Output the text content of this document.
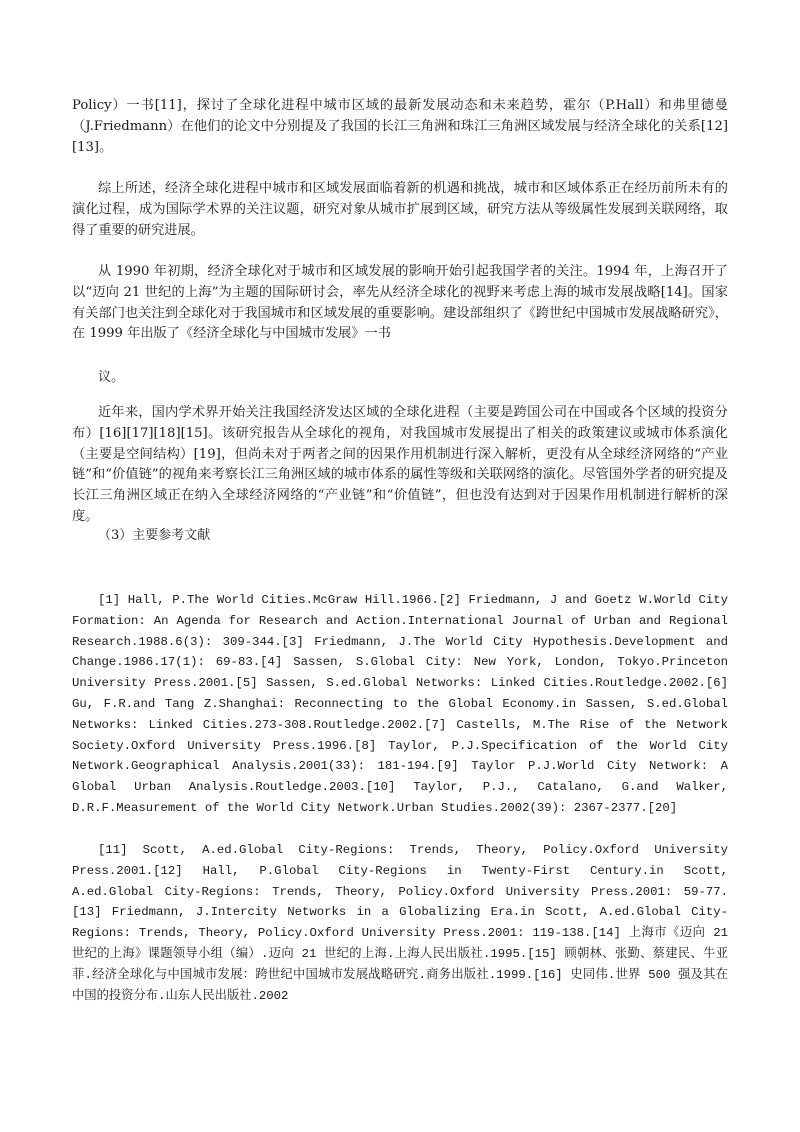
Policy）一书[11]，探讨了全球化进程中城市区域的最新发展动态和未来趋势，霍尔（P.Hall）和弗里德曼（J.Friedmann）在他们的论文中分别提及了我国的长江三角洲和珠江三角洲区域发展与经济全球化的关系[12][13]。

综上所述，经济全球化进程中城市和区域发展面临着新的机遇和挑战，城市和区域体系正在经历前所未有的演化过程，成为国际学术界的关注议题，研究对象从城市扩展到区域，研究方法从等级属性发展到关联网络，取得了重要的研究进展。

从 1990 年初期，经济全球化对于城市和区域发展的影响开始引起我国学者的关注。1994 年，上海召开了以“迈向 21 世纪的上海”为主题的国际研讨会，率先从经济全球化的视野来考虑上海的城市发展战略[14]。国家有关部门也关注到全球化对于我国城市和区域发展的重要影响。建设部组织了《跨世纪中国城市发展战略研究》，在 1999 年出版了《经济全球化与中国城市发展》一书

议。

近年来，国内学术界开始关注我国经济发达区域的全球化进程（主要是跨国公司在中国或各个区域的投资分布）[16][17][18][15]。该研究报告从全球化的视角，对我国城市发展提出了相关的政策建议或城市体系演化（主要是空间结构）[19]，但尚未对于两者之间的因果作用机制进行深入解析，更没有从全球经济网络的“产业链”和“价值链”的视角来考察长江三角洲区域的城市体系的属性等级和关联网络的演化。尽管国外学者的研究提及长江三角洲区域正在纳入全球经济网络的“产业链”和“价值链”，但也没有达到对于因果作用机制进行解析的深度。

（3）主要参考文献

[1] Hall, P.The World Cities.McGraw Hill.1966.[2] Friedmann, J and Goetz W.World City Formation: An Agenda for Research and Action.International Journal of Urban and Regional Research.1988.6(3): 309-344.[3] Friedmann, J.The World City Hypothesis.Development and Change.1986.17(1): 69-83.[4] Sassen, S.Global City: New York, London, Tokyo.Princeton University Press.2001.[5] Sassen, S.ed.Global Networks: Linked Cities.Routledge.2002.[6] Gu, F.R.and Tang Z.Shanghai: Reconnecting to the Global Economy.in Sassen, S.ed.Global Networks: Linked Cities.273-308.Routledge.2002.[7] Castells, M.The Rise of the Network Society.Oxford University Press.1996.[8] Taylor, P.J.Specification of the World City Network.Geographical Analysis.2001(33): 181-194.[9] Taylor P.J.World City Network: A Global Urban Analysis.Routledge.2003.[10] Taylor, P.J., Catalano, G.and Walker, D.R.F.Measurement of the World City Network.Urban Studies.2002(39): 2367-2377.[20]

[11] Scott, A.ed.Global City-Regions: Trends, Theory, Policy.Oxford University Press.2001.[12] Hall, P.Global City-Regions in Twenty-First Century.in Scott, A.ed.Global City-Regions: Trends, Theory, Policy.Oxford University Press.2001: 59-77.[13] Friedmann, J.Intercity Networks in a Globalizing Era.in Scott, A.ed.Global City-Regions: Trends, Theory, Policy.Oxford University Press.2001: 119-138.[14] 上海市《迈向 21 世纪的上海》课题领导小组（编）.迈向 21 世纪的上海.上海人民出版社.1995.[15] 顾朝林、张勤、蔡建民、牛亚菲.经济全球化与中国城市发展：跨世纪中国城市发展战略研究.商务出版社.1999.[16] 史同伟.世界 500 强及其在中国的投资分布.山东人民出版社.2002
